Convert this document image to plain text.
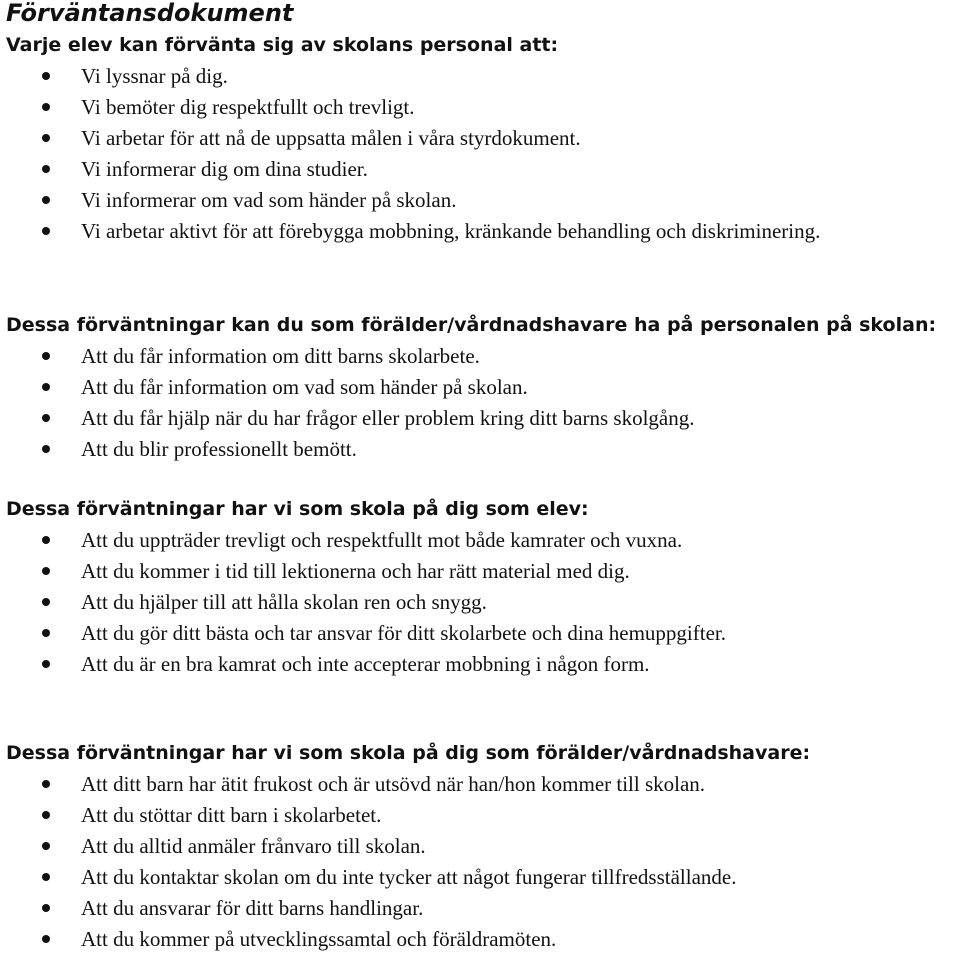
Förväntansdokument
Varje elev kan förvänta sig av skolans personal att:
Vi lyssnar på dig.
Vi bemöter dig respektfullt och trevligt.
Vi arbetar för att nå de uppsatta målen i våra styrdokument.
Vi informerar dig om dina studier.
Vi informerar om vad som händer på skolan.
Vi arbetar aktivt för att förebygga mobbning, kränkande behandling och diskriminering.
Dessa förväntningar kan du som förälder/vårdnadshavare ha på personalen på skolan:
Att du får information om ditt barns skolarbete.
Att du får information om vad som händer på skolan.
Att du får hjälp när du har frågor eller problem kring ditt barns skolgång.
Att du blir professionellt bemött.
Dessa förväntningar har vi som skola på dig som elev:
Att du uppträder trevligt och respektfullt mot både kamrater och vuxna.
Att du kommer i tid till lektionerna och har rätt material med dig.
Att du hjälper till att hålla skolan ren och snygg.
Att du gör ditt bästa och tar ansvar för ditt skolarbete och dina hemuppgifter.
Att du är en bra kamrat och inte accepterar mobbning i någon form.
Dessa förväntningar har vi som skola på dig som förälder/vårdnadshavare:
Att ditt barn har ätit frukost och är utsövd när han/hon kommer till skolan.
Att du stöttar ditt barn i skolarbetet.
Att du alltid anmäler frånvaro till skolan.
Att du kontaktar skolan om du inte tycker att något fungerar tillfredsställande.
Att du ansvarar för ditt barns handlingar.
Att du kommer på utvecklingssamtal och föräldramöten.
